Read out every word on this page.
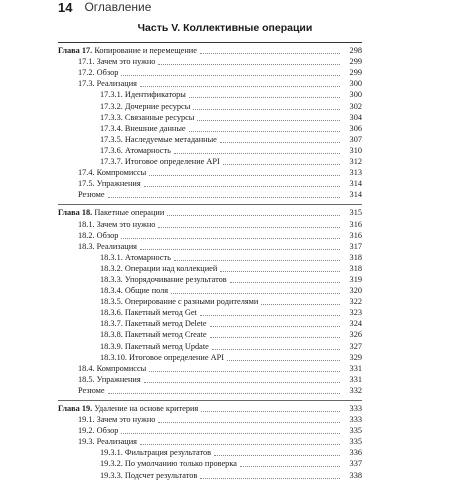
14 Оглавление
Часть V. Коллективные операции
Глава 17. Копирование и перемещение	298
17.1. Зачем это нужно	299
17.2. Обзор	299
17.3. Реализация	300
17.3.1. Идентификаторы	300
17.3.2. Дочерние ресурсы	302
17.3.3. Связанные ресурсы	304
17.3.4. Внешние данные	306
17.3.5. Наследуемые метаданные	307
17.3.6. Атомарность	310
17.3.7. Итоговое определение API	312
17.4. Компромиссы	313
17.5. Упражнения	314
Резюме	314
Глава 18. Пакетные операции	315
18.1. Зачем это нужно	316
18.2. Обзор	316
18.3. Реализация	317
18.3.1. Атомарность	318
18.3.2. Операции над коллекцией	318
18.3.3. Упорядочивание результатов	319
18.3.4. Общие поля	320
18.3.5. Оперирование с разными родителями	322
18.3.6. Пакетный метод Get	323
18.3.7. Пакетный метод Delete	324
18.3.8. Пакетный метод Create	326
18.3.9. Пакетный метод Update	327
18.3.10. Итоговое определение API	329
18.4. Компромиссы	331
18.5. Упражнения	331
Резюме	332
Глава 19. Удаление на основе критерия	333
19.1. Зачем это нужно	333
19.2. Обзор	335
19.3. Реализация	335
19.3.1. Фильтрация результатов	336
19.3.2. По умолчанию только проверка	337
19.3.3. Подсчет результатов	338
